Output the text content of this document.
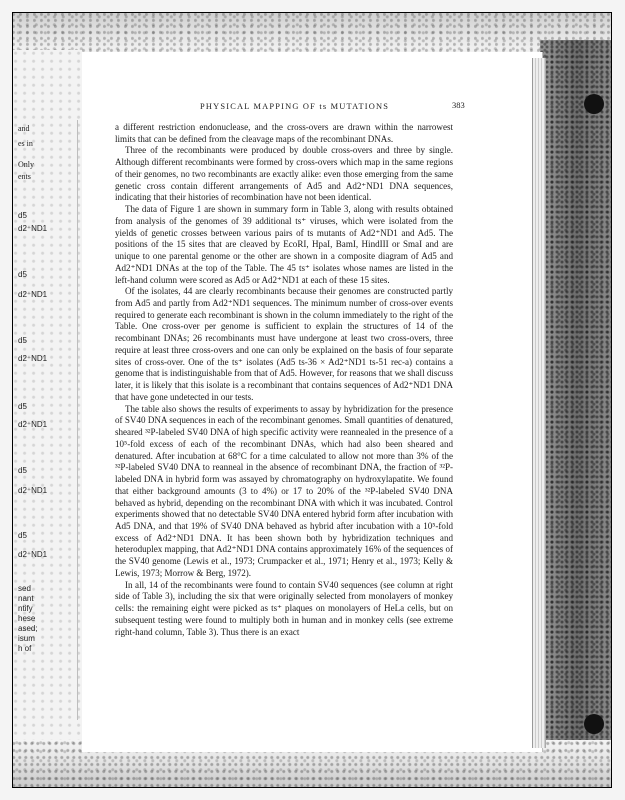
and
es in
Only
ents
d5
d2⁺ND1
d5
d2⁺ND1
d5
d2⁺ND1
d5
d2⁺ND1
d5
d2⁺ND1
d5
d2⁺ND1
sed
nant
ntify
hese
ased;
isum
h of
PHYSICAL MAPPING OF ts MUTATIONS	383

a different restriction endonuclease, and the cross-overs are drawn within the narrowest limits that can be defined from the cleavage maps of the recombinant DNAs.

Three of the recombinants were produced by double cross-overs and three by single. Although different recombinants were formed by cross-overs which map in the same regions of their genomes, no two recombinants are exactly alike: even those emerging from the same genetic cross contain different arrangements of Ad5 and Ad2⁺ND1 DNA sequences, indicating that their histories of recombination have not been identical.

The data of Figure 1 are shown in summary form in Table 3, along with results obtained from analysis of the genomes of 39 additional ts⁺ viruses, which were isolated from the yields of genetic crosses between various pairs of ts mutants of Ad2⁺ND1 and Ad5. The positions of the 15 sites that are cleaved by EcoRI, HpaI, BamI, HindIII or SmaI and are unique to one parental genome or the other are shown in a composite diagram of Ad5 and Ad2⁺ND1 DNAs at the top of the Table. The 45 ts⁺ isolates whose names are listed in the left-hand column were scored as Ad5 or Ad2⁺ND1 at each of these 15 sites.

Of the isolates, 44 are clearly recombinants because their genomes are constructed partly from Ad5 and partly from Ad2⁺ND1 sequences. The minimum number of cross-over events required to generate each recombinant is shown in the column immediately to the right of the Table. One cross-over per genome is sufficient to explain the structures of 14 of the recombinant DNAs; 26 recombinants must have undergone at least two cross-overs, three require at least three cross-overs and one can only be explained on the basis of four separate sites of cross-over. One of the ts⁺ isolates (Ad5 ts-36 × Ad2⁺ND1 ts-51 rec-a) contains a genome that is indistinguishable from that of Ad5. However, for reasons that we shall discuss later, it is likely that this isolate is a recombinant that contains sequences of Ad2⁺ND1 DNA that have gone undetected in our tests.

The table also shows the results of experiments to assay by hybridization for the presence of SV40 DNA sequences in each of the recombinant genomes. Small quantities of denatured, sheared ³²P-labeled SV40 DNA of high specific activity were reannealed in the presence of a 10⁵-fold excess of each of the recombinant DNAs, which had also been sheared and denatured. After incubation at 68°C for a time calculated to allow not more than 3% of the ³²P-labeled SV40 DNA to reanneal in the absence of recombinant DNA, the fraction of ³²P-labeled DNA in hybrid form was assayed by chromatography on hydroxylapatite. We found that either background amounts (3 to 4%) or 17 to 20% of the ³²P-labeled SV40 DNA behaved as hybrid, depending on the recombinant DNA with which it was incubated. Control experiments showed that no detectable SV40 DNA entered hybrid form after incubation with Ad5 DNA, and that 19% of SV40 DNA behaved as hybrid after incubation with a 10⁵-fold excess of Ad2⁺ND1 DNA. It has been shown both by hybridization techniques and heteroduplex mapping, that Ad2⁺ND1 DNA contains approximately 16% of the sequences of the SV40 genome (Lewis et al., 1973; Crumpacker et al., 1971; Henry et al., 1973; Kelly & Lewis, 1973; Morrow & Berg, 1972).

In all, 14 of the recombinants were found to contain SV40 sequences (see column at right side of Table 3), including the six that were originally selected from monolayers of monkey cells: the remaining eight were picked as ts⁺ plaques on monolayers of HeLa cells, but on subsequent testing were found to multiply both in human and in monkey cells (see extreme right-hand column, Table 3). Thus there is an exact
